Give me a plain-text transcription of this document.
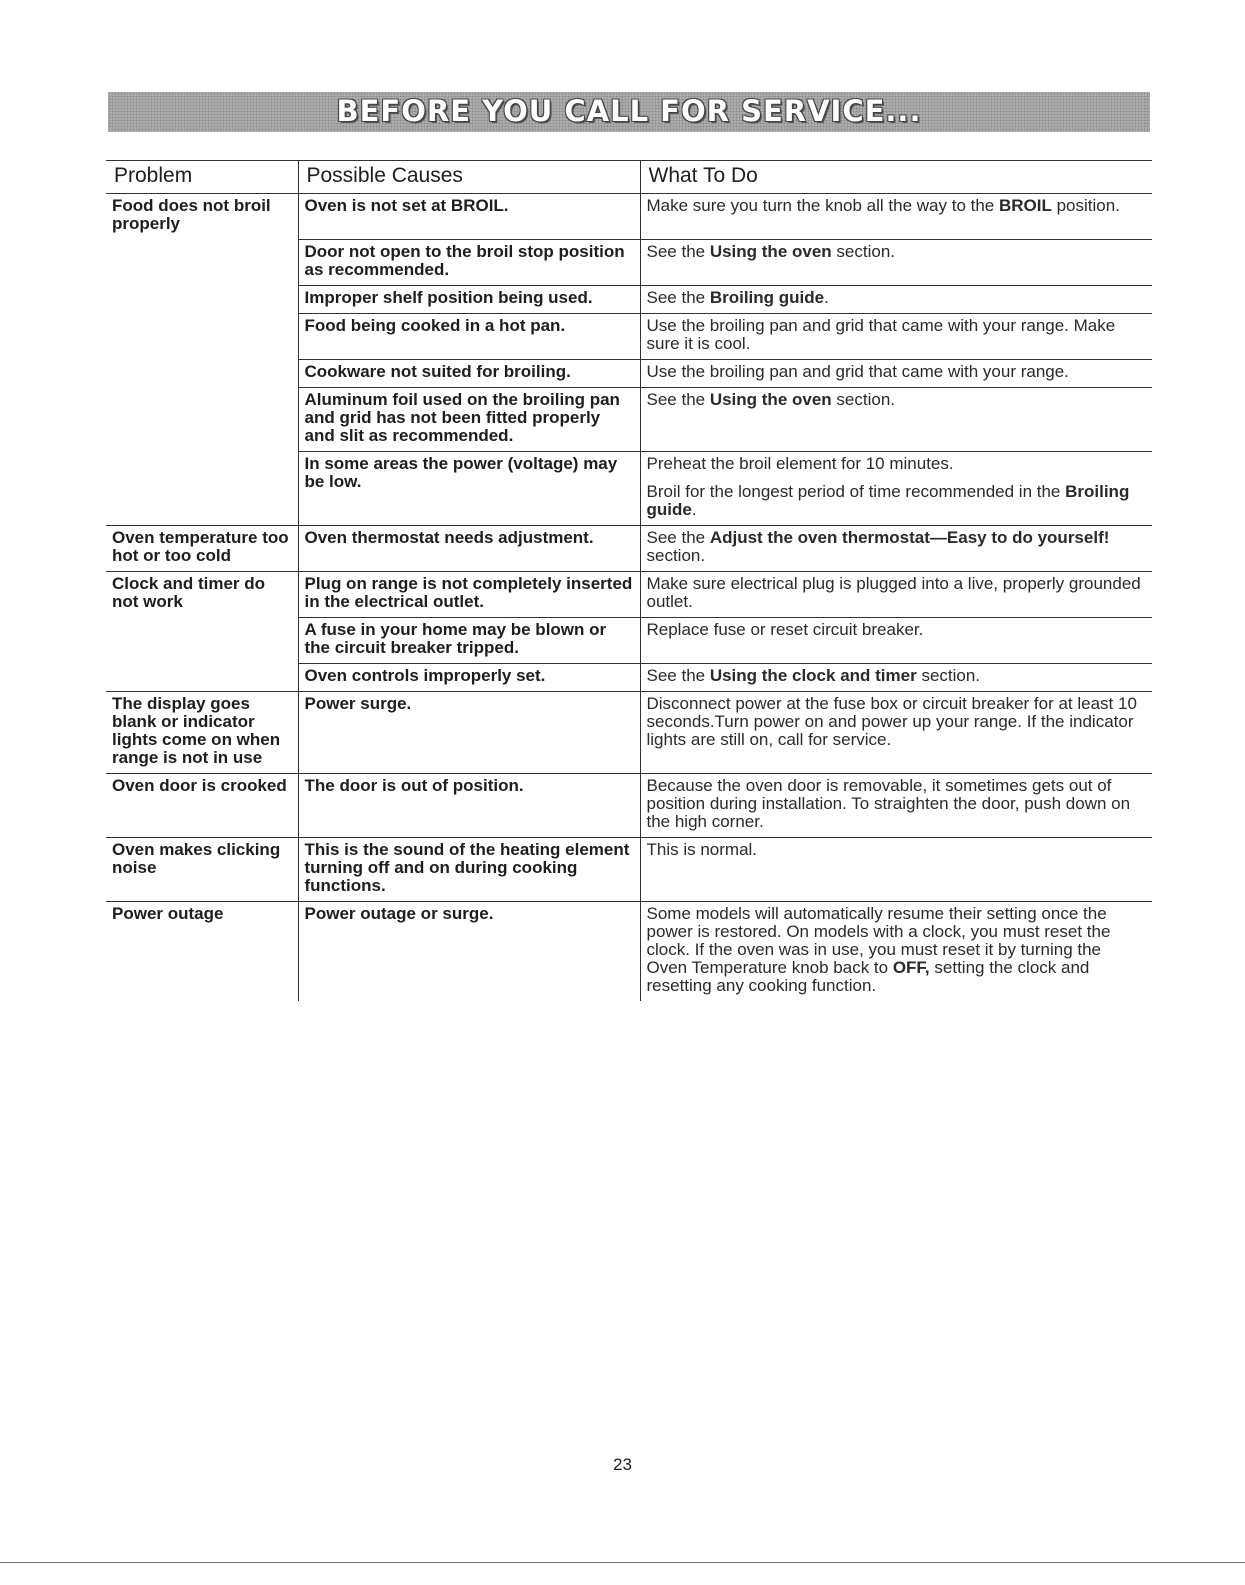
BEFORE YOU CALL FOR SERVICE...
Problem	Possible Causes	What To Do
Food does not broil properly	Oven is not set at BROIL.	Make sure you turn the knob all the way to the BROIL position.

	Door not open to the broil stop position as recommended.	See the Using the oven section.

	Improper shelf position being used.	See the Broiling guide.

	Food being cooked in a hot pan.	Use the broiling pan and grid that came with your range. Make sure it is cool.

	Cookware not suited for broiling.	Use the broiling pan and grid that came with your range.

	Aluminum foil used on the broiling pan and grid has not been fitted properly and slit as recommended.	See the Using the oven section.

	In some areas the power (voltage) may be low.	Preheat the broil element for 10 minutes.

Broil for the longest period of time recommended in the Broiling guide.

Oven temperature too hot or too cold	Oven thermostat needs adjustment.	See the Adjust the oven thermostat—Easy to do yourself! section.

Clock and timer do not work	Plug on range is not completely inserted in the electrical outlet.	Make sure electrical plug is plugged into a live, properly grounded outlet.

	A fuse in your home may be blown or the circuit breaker tripped.	Replace fuse or reset circuit breaker.

	Oven controls improperly set.	See the Using the clock and timer section.

The display goes blank or indicator lights come on when range is not in use	Power surge.	Disconnect power at the fuse box or circuit breaker for at least 10 seconds.Turn power on and power up your range. If the indicator lights are still on, call for service.

Oven door is crooked	The door is out of position.	Because the oven door is removable, it sometimes gets out of position during installation. To straighten the door, push down on the high corner.

Oven makes clicking noise	This is the sound of the heating element turning off and on during cooking functions.	This is normal.

Power outage	Power outage or surge.	Some models will automatically resume their setting once the power is restored. On models with a clock, you must reset the clock. If the oven was in use, you must reset it by turning the Oven Temperature knob back to OFF, setting the clock and resetting any cooking function.

23
